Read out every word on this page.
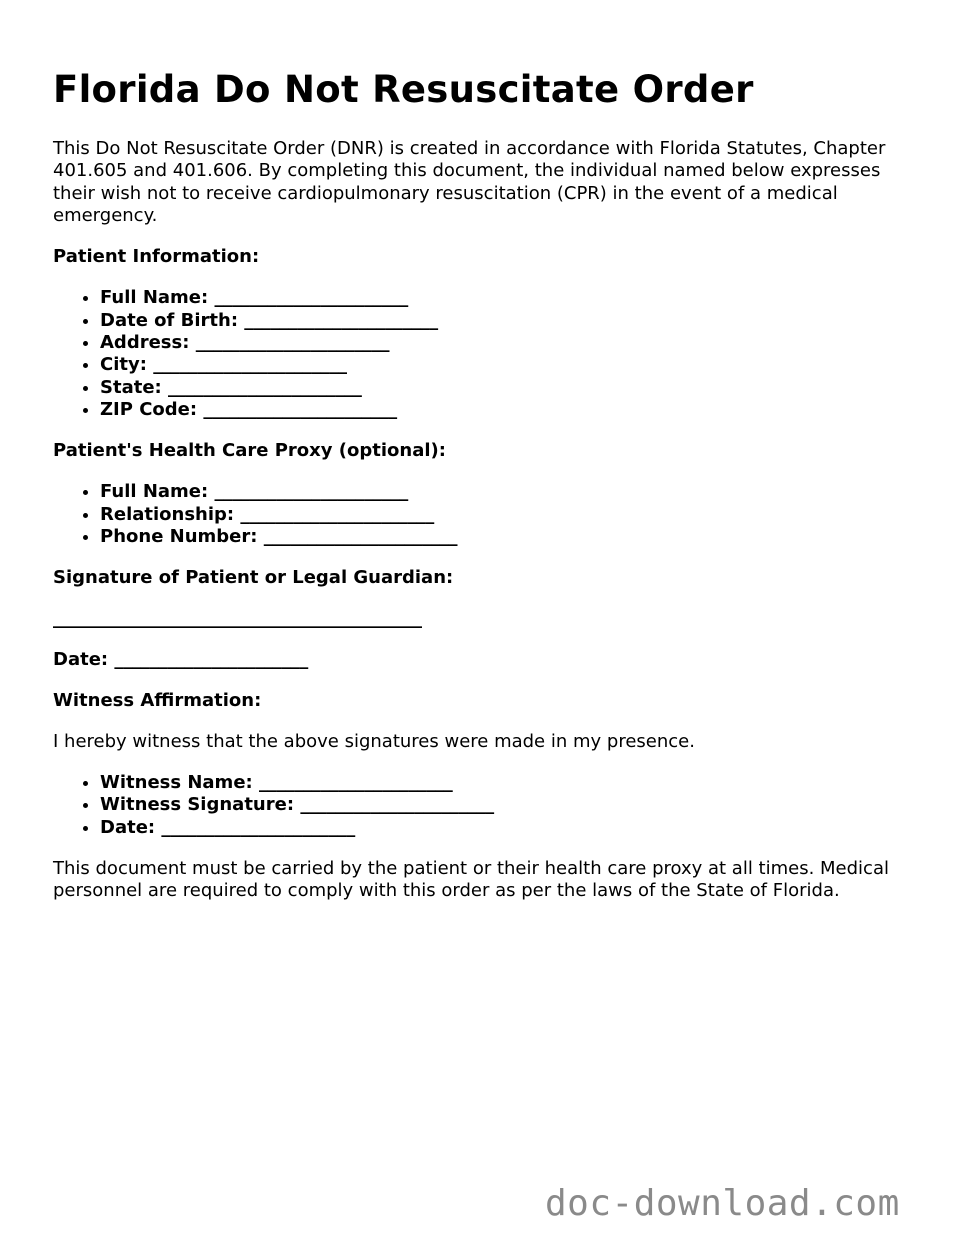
Florida Do Not Resuscitate Order

This Do Not Resuscitate Order (DNR) is created in accordance with Florida Statutes, Chapter 401.605 and 401.606. By completing this document, the individual named below expresses their wish not to receive cardiopulmonary resuscitation (CPR) in the event of a medical emergency.

Patient Information:
• Full Name: ______________________
• Date of Birth: ______________________
• Address: ______________________
• City: ______________________
• State: ______________________
• ZIP Code: ______________________
Patient's Health Care Proxy (optional):
• Full Name: ______________________
• Relationship: ______________________
• Phone Number: ______________________
Signature of Patient or Legal Guardian:
_________________________________________
Date: ______________________
Witness Affirmation:

I hereby witness that the above signatures were made in my presence.

• Witness Name: ______________________
• Witness Signature: ______________________
• Date: ______________________

This document must be carried by the patient or their health care proxy at all times. Medical personnel are required to comply with this order as per the laws of the State of Florida.

doc-download.com
